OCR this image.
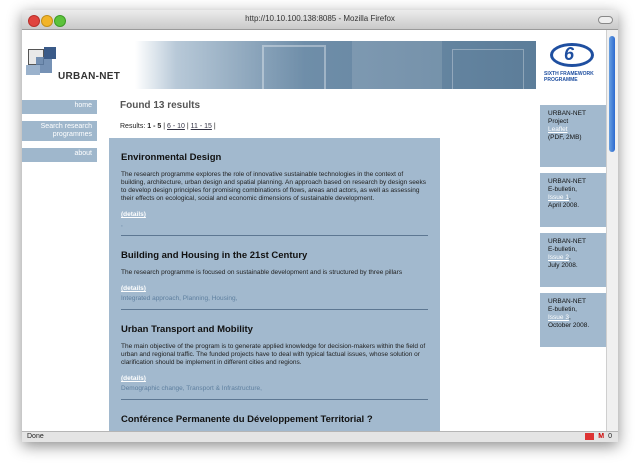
http://10.10.100.138:8085 - Mozilla Firefox
URBAN-NET
6
SIXTH FRAMEWORK PROGRAMME
home
Search research programmes
about
Found 13 results
Results: 1 - 5 | 6 - 10 | 11 - 15 |
Environmental Design
The research programme explores the role of innovative sustainable technologies in the context of building, architecture, urban design and spatial planning. An approach based on research by design seeks to develop design principles for promising combinations of flows, areas and actors, as well as assessing their effects on ecological, social and economic dimensions of sustainable development.
(details)
,
Building and Housing in the 21st Century
The research programme is focused on sustainable development and is structured by three pillars
(details)
Integrated approach, Planning, Housing,
Urban Transport and Mobility
The main objective of the program is to generate applied knowledge for decision-makers within the field of urban and regional traffic. The funded projects have to deal with typical factual issues, whose solution or clarification should be implement in different cities and regions.
(details)
Demographic change, Transport & Infrastructure,
Conférence Permanente du Développement Territorial ?
URBAN-NET
Project
Leaflet
(PDF, 2MB)
URBAN-NET
E-bulletin,
Issue 1,
April 2008.
URBAN-NET
E-bulletin,
Issue 2,
July 2008.
URBAN-NET
E-bulletin,
Issue 3,
October 2008.
Done	M 0
